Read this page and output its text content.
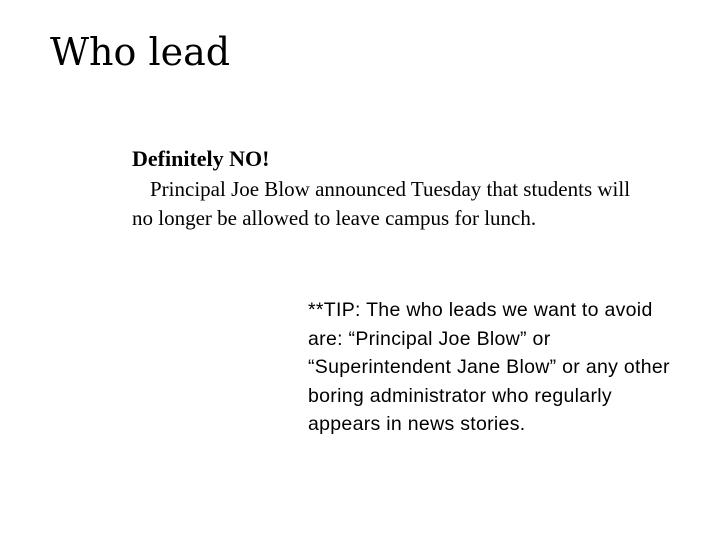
Who lead
Definitely NO!
Principal Joe Blow announced Tuesday that students will no longer be allowed to leave campus for lunch.
**TIP: The who leads we want to avoid are: “Principal Joe Blow” or “Superintendent Jane Blow” or any other boring administrator who regularly appears in news stories.
